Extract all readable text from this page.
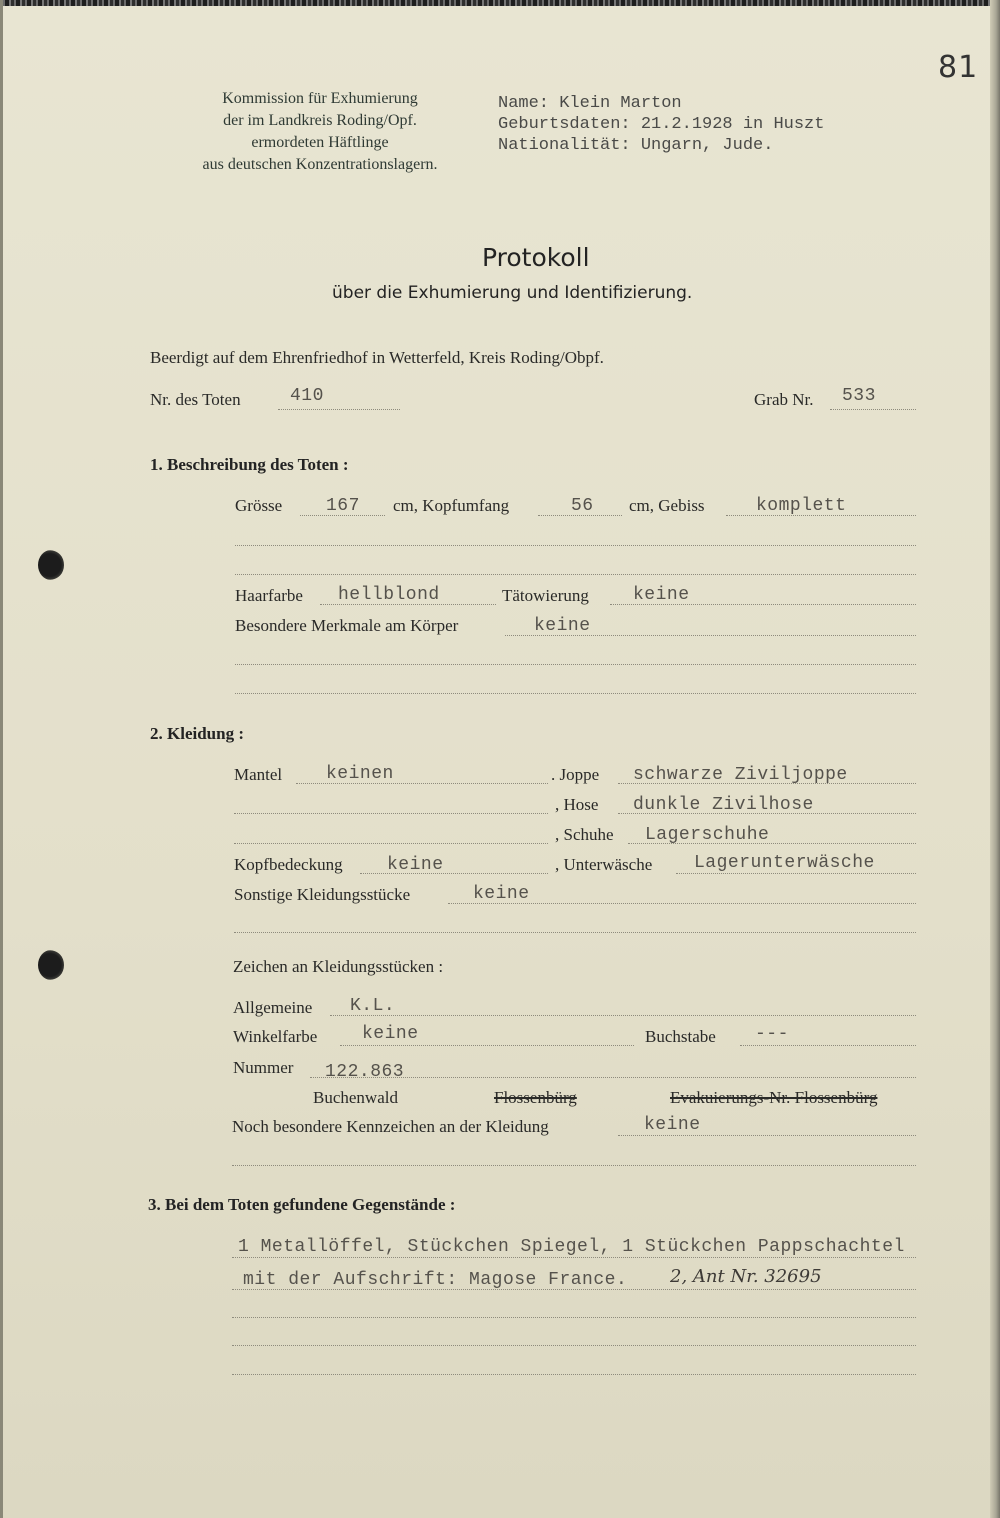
81
Kommission für Exhumierung
der im Landkreis Roding/Opf.
ermordeten Häftlinge
aus deutschen Konzentrationslagern.
Name: Klein Marton
Geburtsdaten: 21.2.1928 in Huszt
Nationalität: Ungarn, Jude.
Protokoll
über die Exhumierung und Identifizierung.
Beerdigt auf dem Ehrenfriedhof in Wetterfeld, Kreis Roding/Obpf.
Nr. des Toten	410	Grab Nr. 533
1. Beschreibung des Toten :
Grösse 167 cm, Kopfumfang	56 cm, Gebiss	komplett
Haarfarbe hellblond	Tätowierung keine
Besondere Merkmale am Körper	keine
2. Kleidung :
Mantel keinen	. Joppe schwarze Ziviljoppe
, Hose dunkle Zivilhose
, Schuhe Lagerschuhe
Kopfbedeckung keine	, Unterwäsche Lagerunterwäsche
Sonstige Kleidungsstücke	keine
Zeichen an Kleidungsstücken :
Allgemeine K.L.
Winkelfarbe keine	Buchstabe ---
Nummer 122.863
Buchenwald	Flossenbürg	Evakuierungs-Nr. Flossenbürg
Noch besondere Kennzeichen an der Kleidung	keine
3. Bei dem Toten gefundene Gegenstände :
1 Metallöffel, Stückchen Spiegel, 1 Stückchen Pappschachtel
mit der Aufschrift: Magose France. 2, Ant Nr. 32695
